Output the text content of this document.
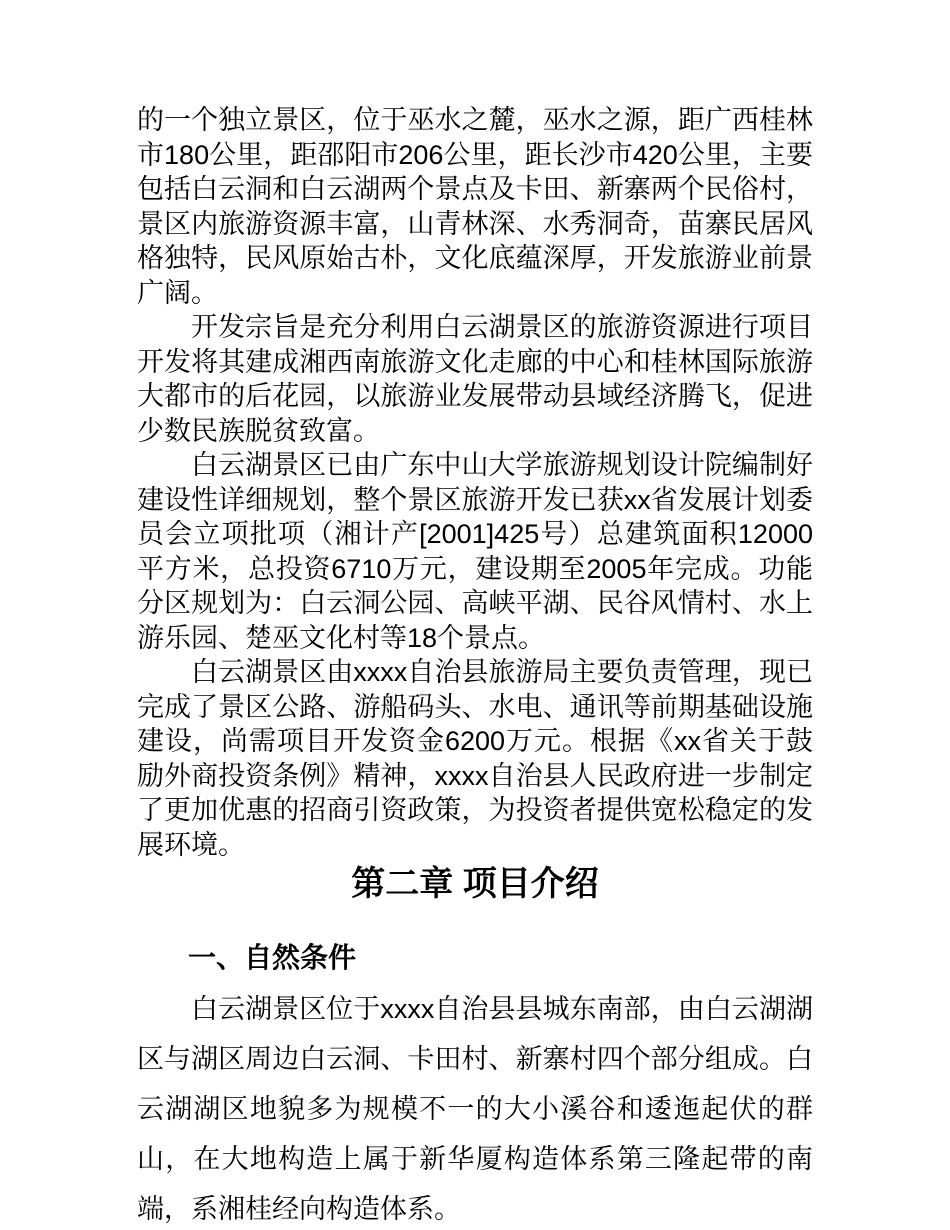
的一个独立景区，位于巫水之麓，巫水之源，距广西桂林市180公里，距邵阳市206公里，距长沙市420公里，主要包括白云洞和白云湖两个景点及卡田、新寨两个民俗村，景区内旅游资源丰富，山青林深、水秀洞奇，苗寨民居风格独特，民风原始古朴，文化底蕴深厚，开发旅游业前景广阔。

开发宗旨是充分利用白云湖景区的旅游资源进行项目开发将其建成湘西南旅游文化走廊的中心和桂林国际旅游大都市的后花园，以旅游业发展带动县域经济腾飞，促进少数民族脱贫致富。

白云湖景区已由广东中山大学旅游规划设计院编制好建设性详细规划，整个景区旅游开发已获xx省发展计划委员会立项批项（湘计产[2001]425号）总建筑面积12000平方米，总投资6710万元，建设期至2005年完成。功能分区规划为：白云洞公园、高峡平湖、民谷风情村、水上游乐园、楚巫文化村等18个景点。

白云湖景区由xxxx自治县旅游局主要负责管理，现已完成了景区公路、游船码头、水电、通讯等前期基础设施建设，尚需项目开发资金6200万元。根据《xx省关于鼓励外商投资条例》精神，xxxx自治县人民政府进一步制定了更加优惠的招商引资政策，为投资者提供宽松稳定的发展环境。

第二章 项目介绍
一、自然条件

白云湖景区位于xxxx自治县县城东南部，由白云湖湖区与湖区周边白云洞、卡田村、新寨村四个部分组成。白云湖湖区地貌多为规模不一的大小溪谷和逶迤起伏的群山，在大地构造上属于新华厦构造体系第三隆起带的南端，系湘桂经向构造体系。
